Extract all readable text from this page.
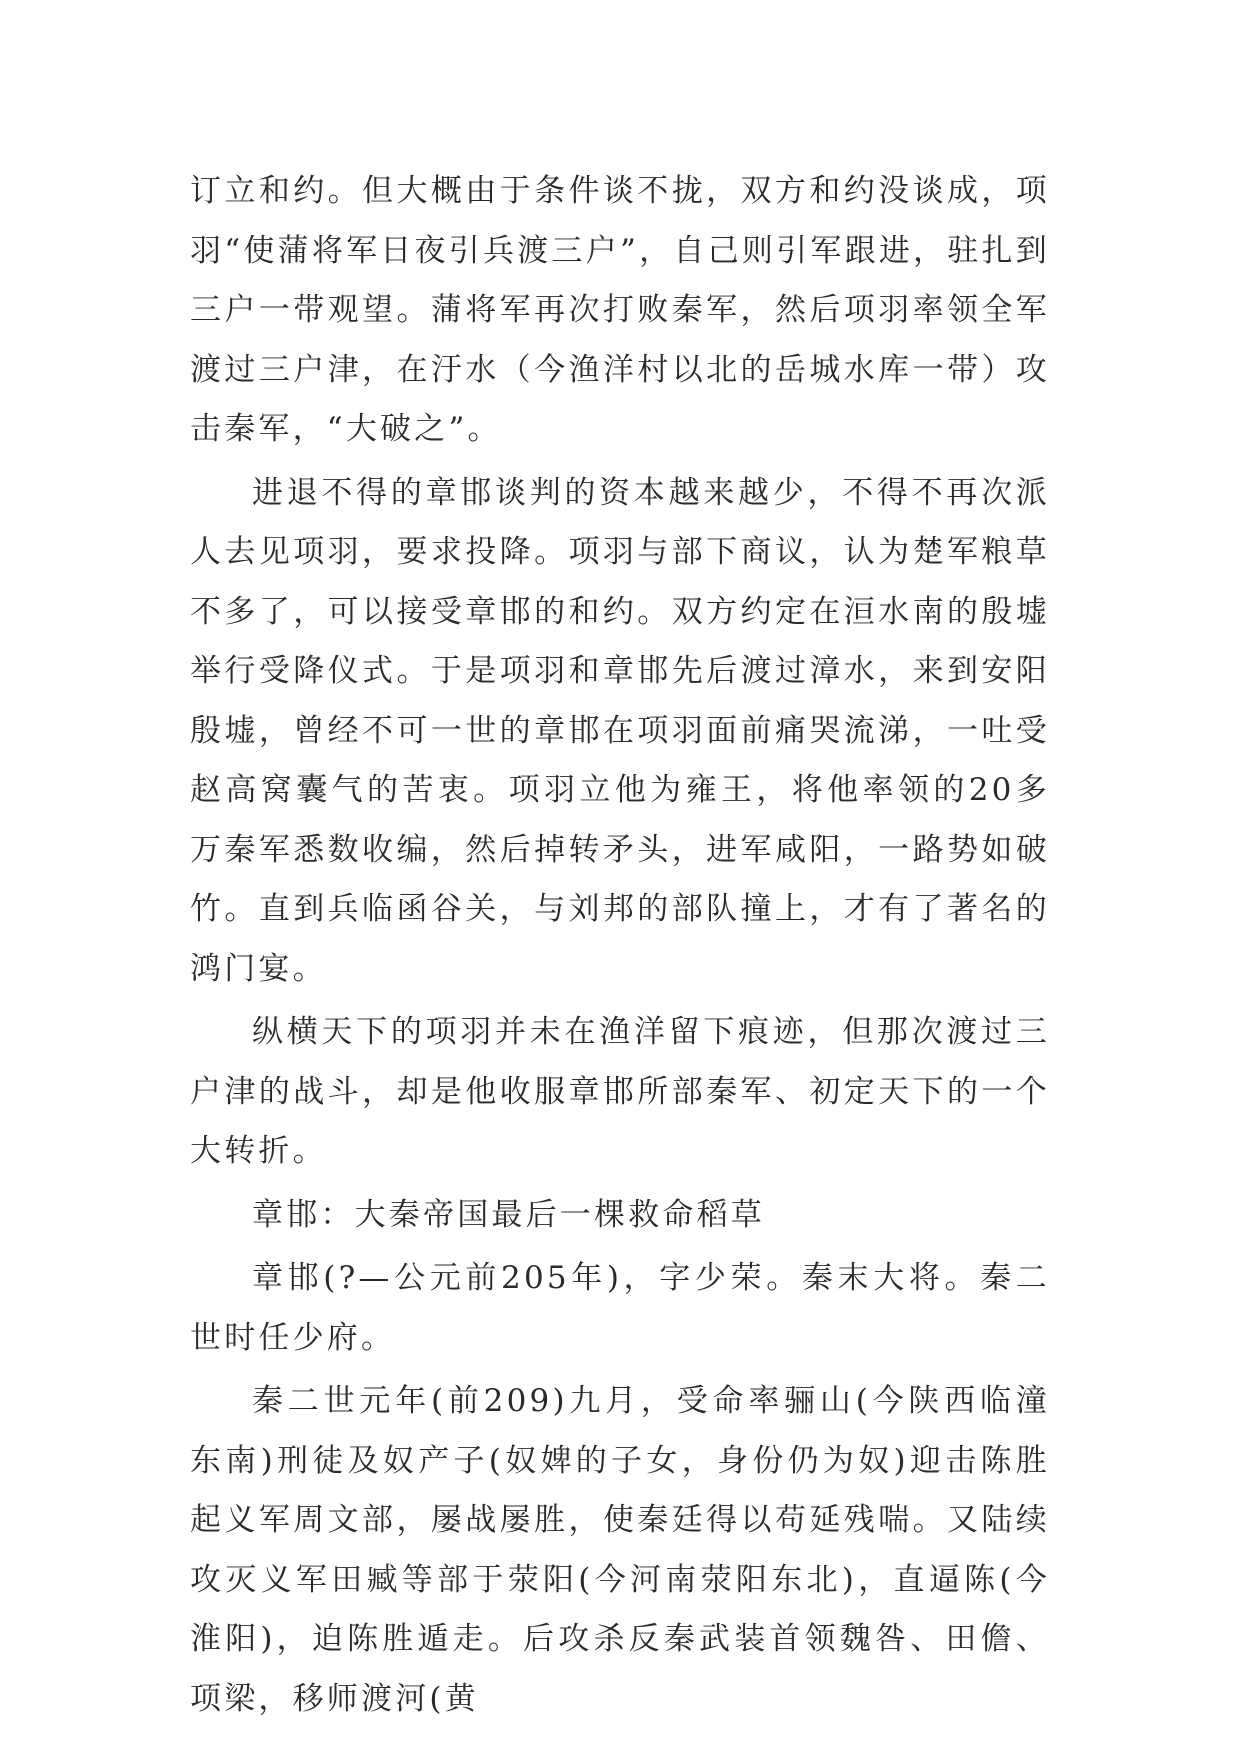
订立和约。但大概由于条件谈不拢，双方和约没谈成，项羽“使蒲将军日夜引兵渡三户”，自己则引军跟进，驻扎到三户一带观望。蒲将军再次打败秦军，然后项羽率领全军渡过三户津，在汙水（今渔洋村以北的岳城水库一带）攻击秦军，“大破之”。

进退不得的章邯谈判的资本越来越少，不得不再次派人去见项羽，要求投降。项羽与部下商议，认为楚军粮草不多了，可以接受章邯的和约。双方约定在洹水南的殷墟举行受降仪式。于是项羽和章邯先后渡过漳水，来到安阳殷墟，曾经不可一世的章邯在项羽面前痛哭流涕，一吐受赵高窝囊气的苦衷。项羽立他为雍王，将他率领的20多万秦军悉数收编，然后掉转矛头，进军咸阳，一路势如破竹。直到兵临函谷关，与刘邦的部队撞上，才有了著名的鸿门宴。

纵横天下的项羽并未在渔洋留下痕迹，但那次渡过三户津的战斗，却是他收服章邯所部秦军、初定天下的一个大转折。

章邯：大秦帝国最后一棵救命稻草

章邯(?—公元前205年)，字少荣。秦末大将。秦二世时任少府。

秦二世元年(前209)九月，受命率骊山(今陕西临潼东南)刑徒及奴产子(奴婢的子女，身份仍为奴)迎击陈胜起义军周文部，屡战屡胜，使秦廷得以苟延残喘。又陆续攻灭义军田臧等部于荥阳(今河南荥阳东北)，直逼陈(今淮阳)，迫陈胜遁走。后攻杀反秦武装首领魏咎、田儋、项梁，移师渡河(黄
